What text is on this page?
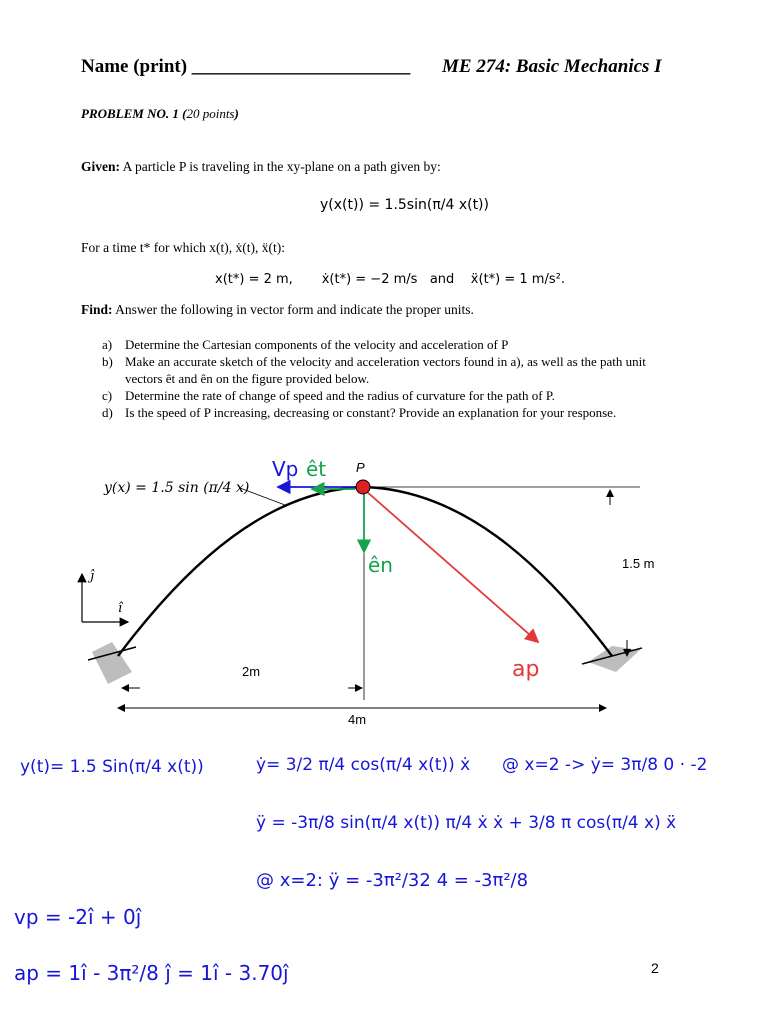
Name (print) _______________________ ME 274: Basic Mechanics I
PROBLEM NO. 1 (20 points)
Given: A particle P is traveling in the xy-plane on a path given by:
y(x(t)) = 1.5sin(π/4 x(t))
For a time t* for which x(t), ẋ(t), ẍ(t):
x(t*) = 2 m,       ẋ(t*) = −2 m/s   and    ẍ(t*) = 1 m/s².
Find: Answer the following in vector form and indicate the proper units.
a) Determine the Cartesian components of the velocity and acceleration of P
b) Make an accurate sketch of the velocity and acceleration vectors found in a), as well as the path unit vectors êt and ên on the figure provided below.
c) Determine the rate of change of speed and the radius of curvature for the path of P.
d) Is the speed of P increasing, decreasing or constant? Provide an explanation for your response.
y(x) = 1.5 sin (π/4 x)
P
1.5 m
2m
4m
ĵ
î
Vp êt
ên
ap
y(t)= 1.5 Sin(π/4 x(t))	ẏ= 3/2 π/4 cos(π/4 x(t)) ẋ @ x=2 -> ẏ= 3π/8 0 · -2
ÿ = -3π/8 sin(π/4 x(t)) π/4 ẋ ẋ + 3/8 π cos(π/4 x) ẍ
@ x=2: ÿ = -3π²/32 4 = -3π²/8
vp = -2î + 0ĵ
ap = 1î - 3π²/8 ĵ = 1î - 3.70ĵ	2
